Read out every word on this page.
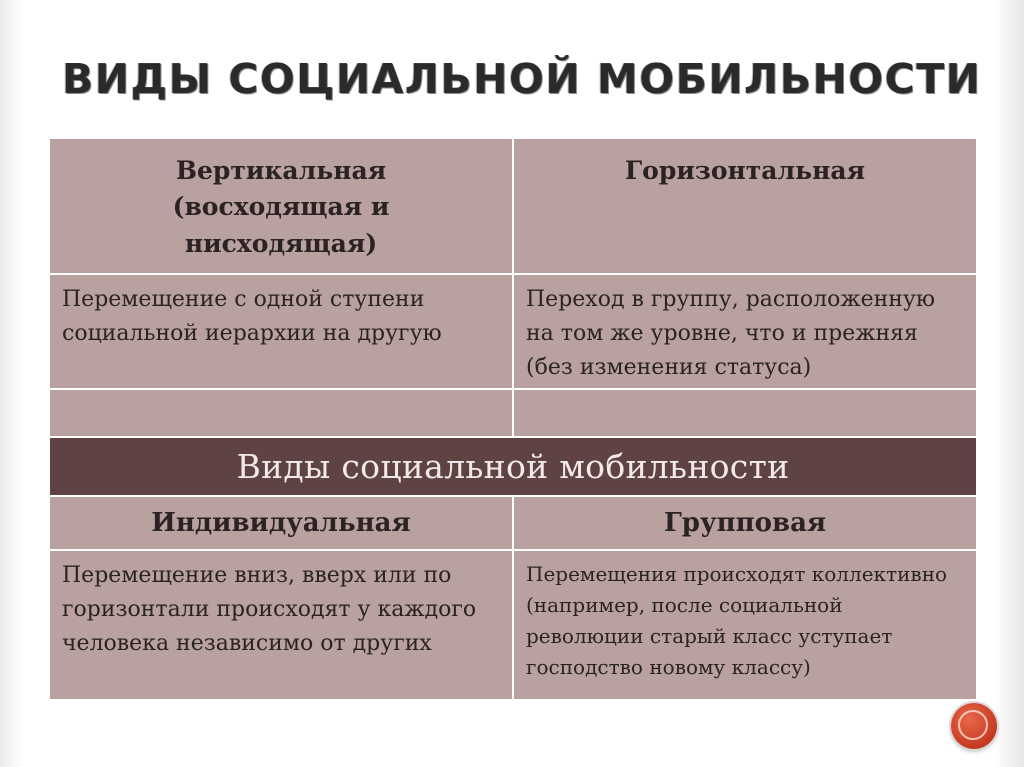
ВИДЫ СОЦИАЛЬНОЙ МОБИЛЬНОСТИ
Вертикальная
(восходящая и
нисходящая)
Горизонтальная
Перемещение с одной ступени социальной иерархии на другую
Переход в группу, расположенную на том же уровне, что и прежняя (без изменения статуса)
Виды социальной мобильности
Индивидуальная	Групповая
Перемещение вниз, вверх или по горизонтали происходят у каждого человека независимо от других
Перемещения происходят коллективно (например, после социальной революции старый класс уступает господство новому классу)
